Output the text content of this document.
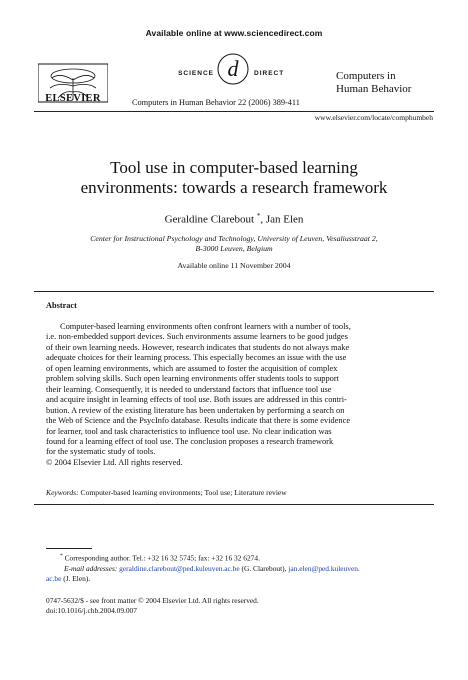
Available online at www.sciencedirect.com
SCIENCE d DIRECT
ELSEVIER	Computers in Human Behavior 22 (2006) 389-411
Computers in
Human Behavior
www.elsevier.com/locate/comphumbeh
Tool use in computer-based learning
environments: towards a research framework
Geraldine Clarebout *, Jan Elen
Center for Instructional Psychology and Technology, University of Leuven, Vesaliusstraat 2,
B-3000 Leuven, Belgium
Available online 11 November 2004
Abstract
Computer-based learning environments often confront learners with a number of tools,
i.e. non-embedded support devices. Such environments assume learners to be good judges
of their own learning needs. However, research indicates that students do not always make
adequate choices for their learning process. This especially becomes an issue with the use
of open learning environments, which are assumed to foster the acquisition of complex
problem solving skills. Such open learning environments offer students tools to support
their learning. Consequently, it is needed to understand factors that influence tool use
and acquire insight in learning effects of tool use. Both issues are addressed in this contri-
bution. A review of the existing literature has been undertaken by performing a search on
the Web of Science and the PsycInfo database. Results indicate that there is some evidence
for learner, tool and task characteristics to influence tool use. No clear indication was
found for a learning effect of tool use. The conclusion proposes a research framework
for the systematic study of tools.
© 2004 Elsevier Ltd. All rights reserved.
Keywords: Computer-based learning environments; Tool use; Literature review
* Corresponding author. Tel.: +32 16 32 5745; fax: +32 16 32 6274.
E-mail addresses: geraldine.clarebout@ped.kuleuven.ac.be (G. Clarebout), jan.elen@ped.kuleuven.
ac.be (J. Elen).
0747-5632/$ - see front matter © 2004 Elsevier Ltd. All rights reserved.
doi:10.1016/j.chb.2004.09.007
